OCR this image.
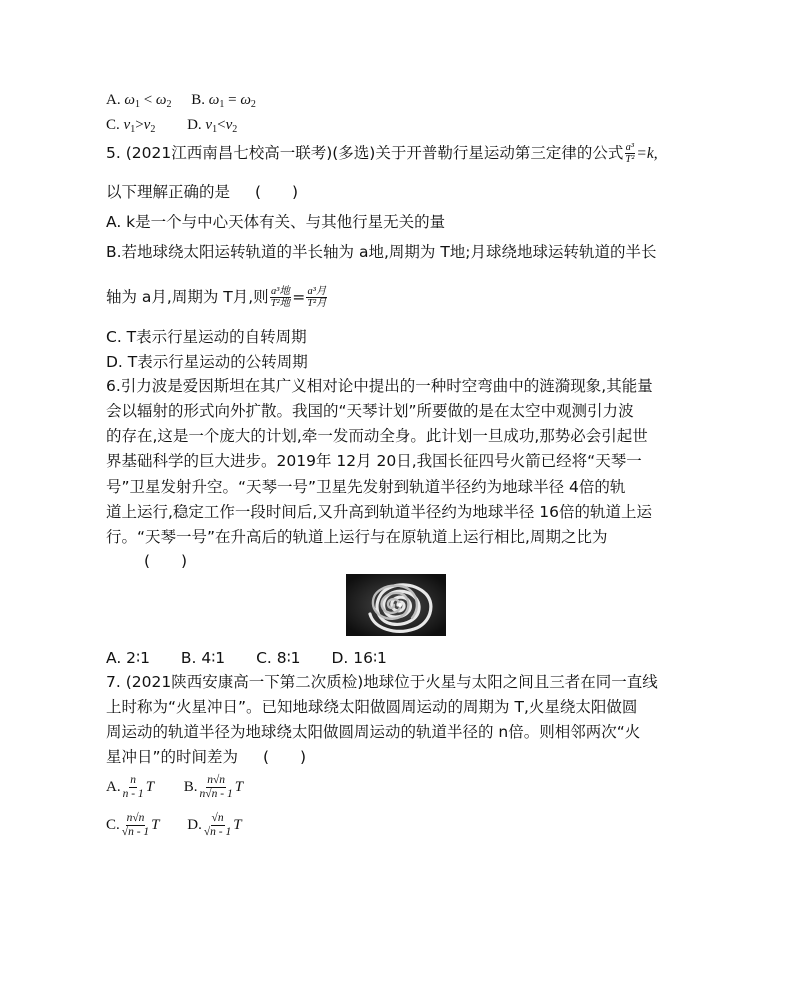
A. $\omega_1 < \omega_2$ B. $\omega_1 = \omega_2$
C. $v_1>v_2$ D. $v_1<v_2$
5. (2021江西南昌七校高一联考)(多选)关于开普勒行星运动第三定律的公式 $\frac{\text{a³}}{\text{T²}} =k$,
以下理解正确的是 (　　)
A. k是一个与中心天体有关、与其他行星无关的量
B.若地球绕太阳运转轨道的半长轴为 a地,周期为 T地;月球绕地球运转轨道的半长
轴为 a月,周期为 T月,则 $\frac{\text{a³地}}{\text{T²地}} = \frac{\text{a³月}}{\text{T²月}}$
C. T表示行星运动的自转周期
D. T表示行星运动的公转周期
6.引力波是爱因斯坦在其广义相对论中提出的一种时空弯曲中的涟漪现象,其能量
会以辐射的形式向外扩散。我国的“天琴计划”所要做的是在太空中观测引力波
的存在,这是一个庞大的计划,牵一发而动全身。此计划一旦成功,那势必会引起世
界基础科学的巨大进步。2019年 12月 20日,我国长征四号火箭已经将“天琴一
号”卫星发射升空。“天琴一号”卫星先发射到轨道半径约为地球半径 4倍的轨
道上运行,稳定工作一段时间后,又升高到轨道半径约为地球半径 16倍的轨道上运
行。“天琴一号”在升高后的轨道上运行与在原轨道上运行相比,周期之比为
(　　)
A. 2∶1 B. 4∶1 C. 8∶1 D. 16∶1
7. (2021陕西安康高一下第二次质检)地球位于火星与太阳之间且三者在同一直线
上时称为“火星冲日”。已知地球绕太阳做圆周运动的周期为 T,火星绕太阳做圆
周运动的轨道半径为地球绕太阳做圆周运动的轨道半径的 n倍。则相邻两次“火
星冲日”的时间差为 (　　)
A. $\frac{n}{n - 1}$ T B. $\frac{n√n}{n√n - 1}$ T
C. $\frac{n√n}{√n - 1}$ T D. $\frac{√n}{√n - 1}$ T
